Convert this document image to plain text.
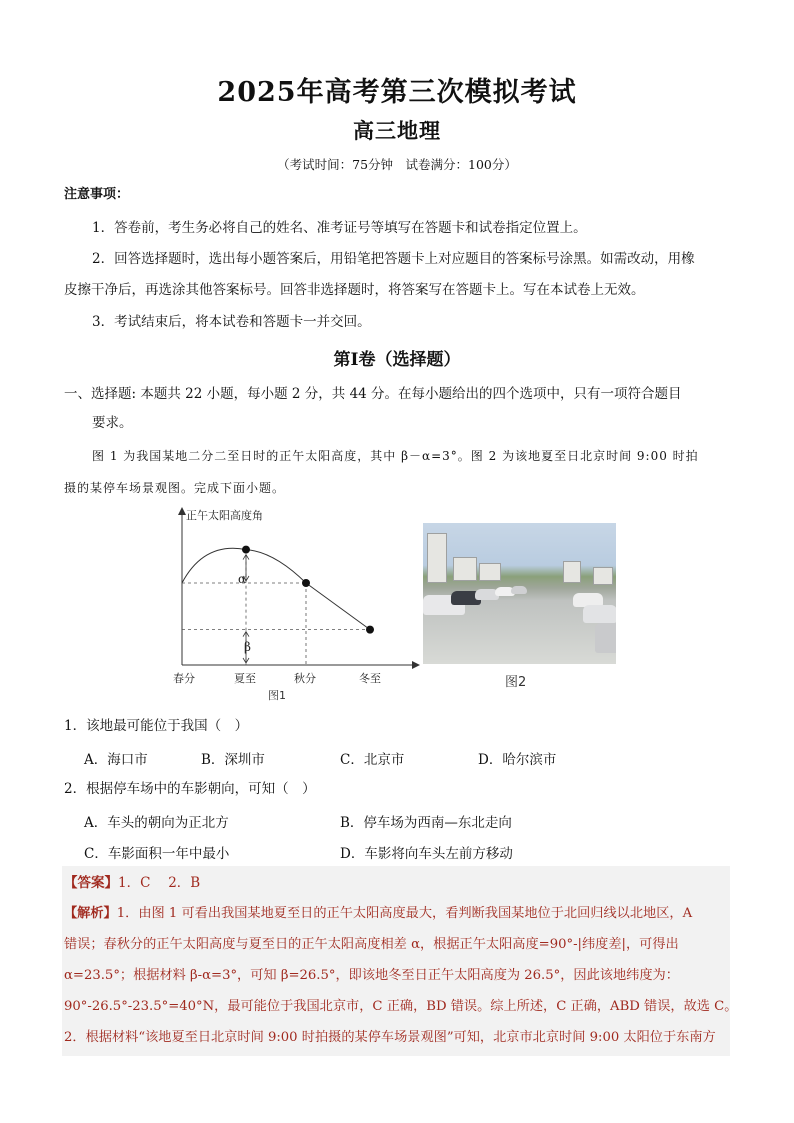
2025年高考第三次模拟考试
高三地理
（考试时间：75分钟　试卷满分：100分）
注意事项：
1．答卷前，考生务必将自己的姓名、准考证号等填写在答题卡和试卷指定位置上。
2．回答选择题时，选出每小题答案后，用铅笔把答题卡上对应题目的答案标号涂黑。如需改动，用橡
皮擦干净后，再选涂其他答案标号。回答非选择题时，将答案写在答题卡上。写在本试卷上无效。
3．考试结束后，将本试卷和答题卡一并交回。
第Ⅰ卷（选择题）
一、选择题: 本题共 22 小题，每小题 2 分，共 44 分。在每小题给出的四个选项中，只有一项符合题目
要求。
图 1 为我国某地二分二至日时的正午太阳高度，其中 β－α=3°。图 2 为该地夏至日北京时间 9:00 时拍
摄的某停车场景观图。完成下面小题。
正午太阳高度角
α
β
春分	夏至	秋分	冬至
图1
图2
1．该地最可能位于我国（　）
A．海口市	B．深圳市	C．北京市	D．哈尔滨市
2．根据停车场中的车影朝向，可知（　）
A．车头的朝向为正北方	B．停车场为西南—东北走向
C．车影面积一年中最小	D．车影将向车头左前方移动
【答案】1．C　 2．B
【解析】1．由图 1 可看出我国某地夏至日的正午太阳高度最大，看判断我国某地位于北回归线以北地区，A
错误；春秋分的正午太阳高度与夏至日的正午太阳高度相差 α，根据正午太阳高度=90°-|纬度差|，可得出
α=23.5°；根据材料 β-α=3°，可知 β=26.5°，即该地冬至日正午太阳高度为 26.5°，因此该地纬度为：
90°-26.5°-23.5°=40°N，最可能位于我国北京市，C 正确，BD 错误。综上所述，C 正确，ABD 错误，故选 C。
2．根据材料“该地夏至日北京时间 9:00 时拍摄的某停车场景观图”可知，北京市北京时间 9:00 太阳位于东南方
